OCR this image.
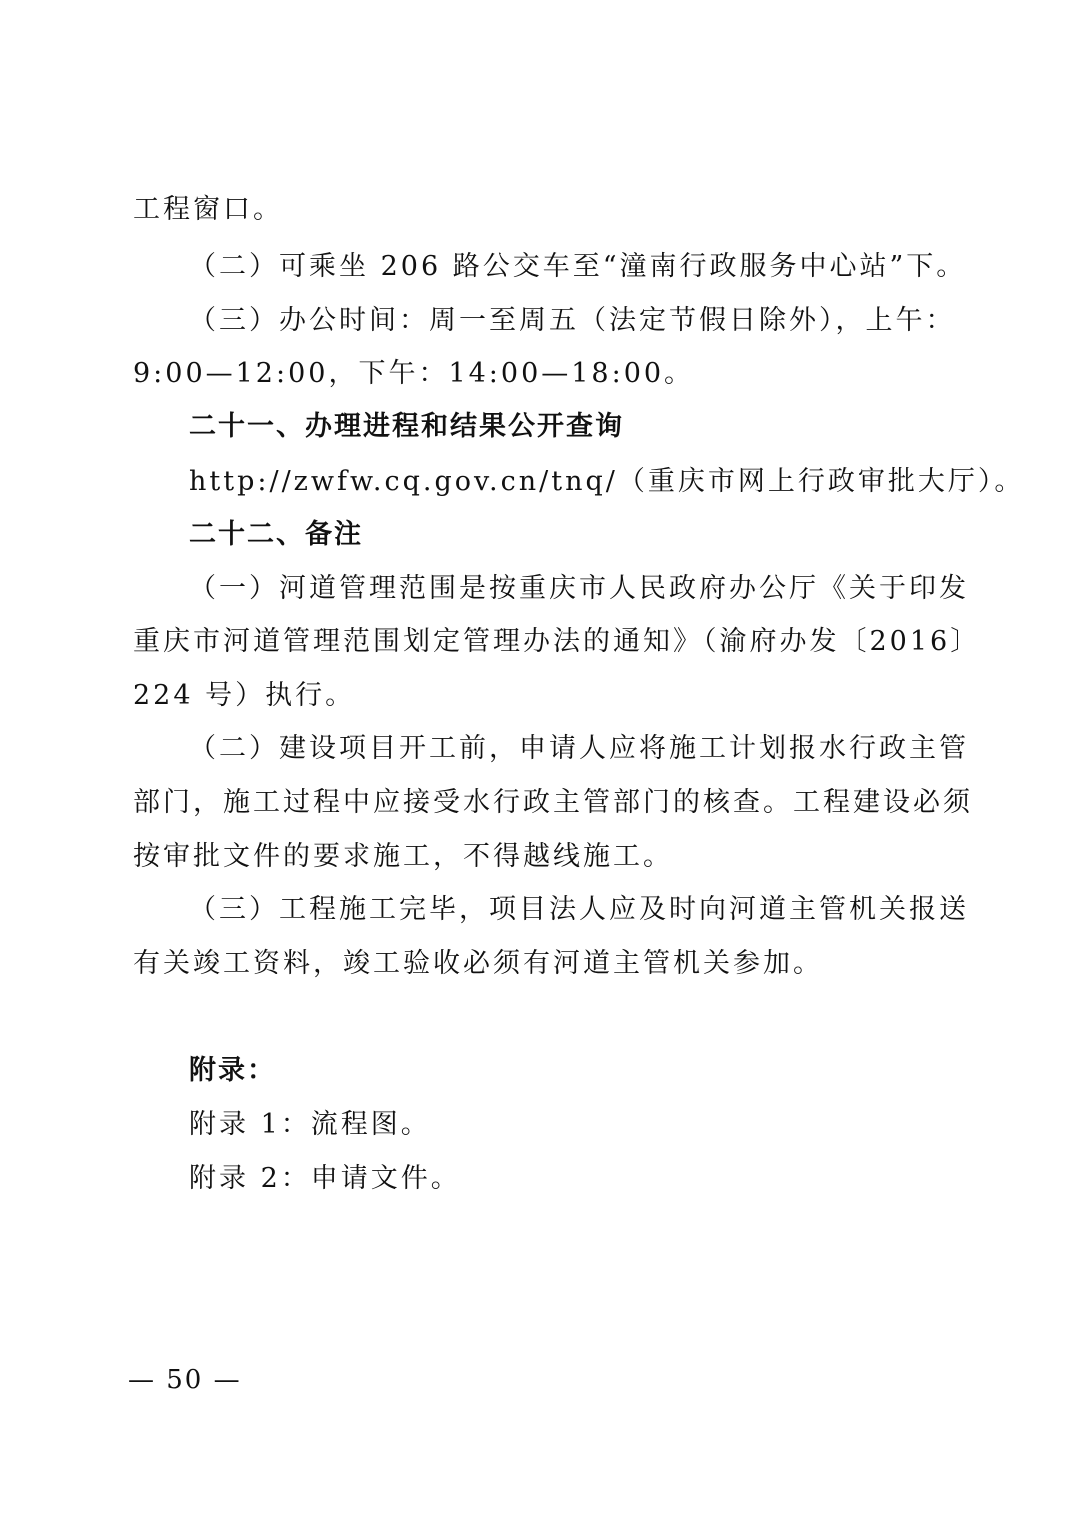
工程窗口。
（二）可乘坐 206 路公交车至“潼南行政服务中心站”下。
（三）办公时间：周一至周五（法定节假日除外），上午：
9:00—12:00，下午：14:00—18:00。
二十一、办理进程和结果公开查询
http://zwfw.cq.gov.cn/tnq/（重庆市网上行政审批大厅）。
二十二、备注
（一）河道管理范围是按重庆市人民政府办公厅《关于印发
重庆市河道管理范围划定管理办法的通知》（渝府办发〔2016〕
224 号）执行。
（二）建设项目开工前，申请人应将施工计划报水行政主管
部门，施工过程中应接受水行政主管部门的核查。工程建设必须
按审批文件的要求施工，不得越线施工。
（三）工程施工完毕，项目法人应及时向河道主管机关报送
有关竣工资料，竣工验收必须有河道主管机关参加。
附录：
附录 1：流程图。
附录 2：申请文件。
— 50 —
